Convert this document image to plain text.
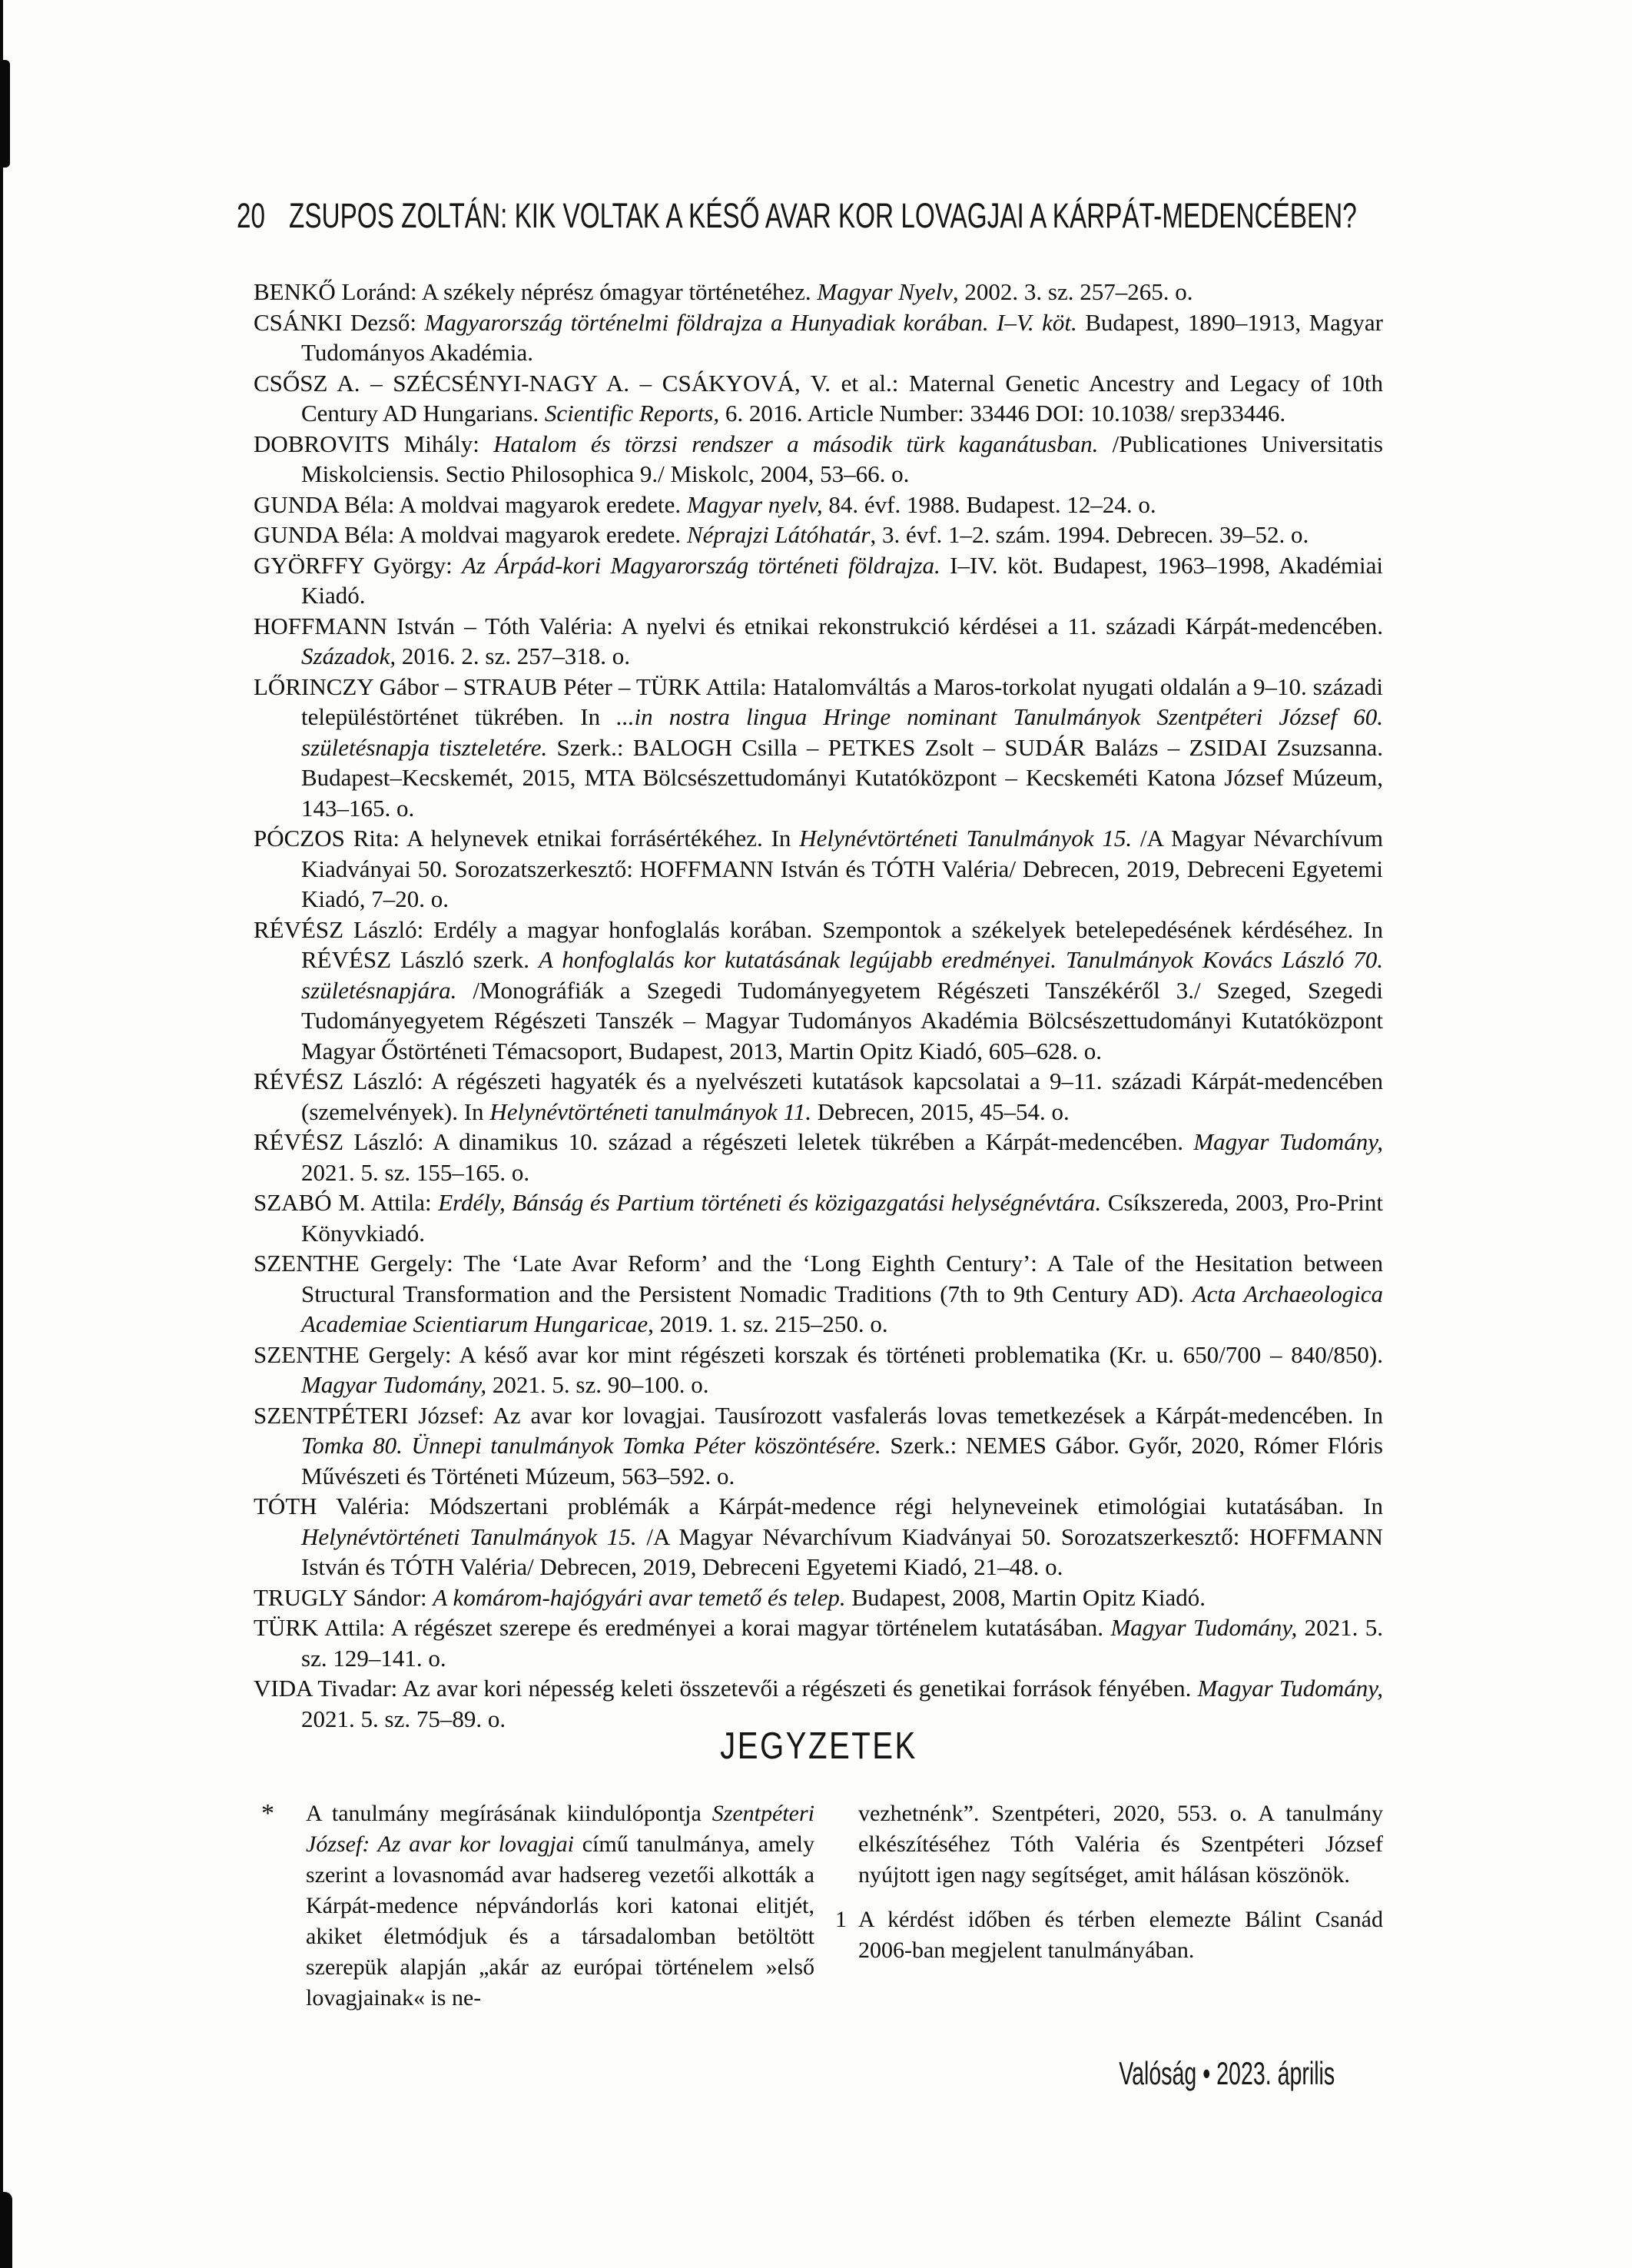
20 ZSUPOS ZOLTÁN: KIK VOLTAK A KÉSŐ AVAR KOR LOVAGJAI A KÁRPÁT-MEDENCÉBEN?

BENKŐ Loránd: A székely néprész ómagyar történetéhez. Magyar Nyelv, 2002. 3. sz. 257–265. o.

CSÁNKI Dezső: Magyarország történelmi földrajza a Hunyadiak korában. I–V. köt. Budapest, 1890–1913, Magyar Tudományos Akadémia.

CSŐSZ A. – SZÉCSÉNYI-NAGY A. – CSÁKYOVÁ, V. et al.: Maternal Genetic Ancestry and Legacy of 10th Century AD Hungarians. Scientific Reports, 6. 2016. Article Number: 33446 DOI: 10.1038/ srep33446.

DOBROVITS Mihály: Hatalom és törzsi rendszer a második türk kaganátusban. /Publicationes Universitatis Miskolciensis. Sectio Philosophica 9./ Miskolc, 2004, 53–66. o.

GUNDA Béla: A moldvai magyarok eredete. Magyar nyelv, 84. évf. 1988. Budapest. 12–24. o.

GUNDA Béla: A moldvai magyarok eredete. Néprajzi Látóhatár, 3. évf. 1–2. szám. 1994. Debrecen. 39–52. o.

GYÖRFFY György: Az Árpád-kori Magyarország történeti földrajza. I–IV. köt. Budapest, 1963–1998, Akadémiai Kiadó.

HOFFMANN István – Tóth Valéria: A nyelvi és etnikai rekonstrukció kérdései a 11. századi Kárpát-medencében. Századok, 2016. 2. sz. 257–318. o.

LŐRINCZY Gábor – STRAUB Péter – TÜRK Attila: Hatalomváltás a Maros-torkolat nyugati oldalán a 9–10. századi településtörténet tükrében. In ...in nostra lingua Hringe nominant Tanulmányok Szentpéteri József 60. születésnapja tiszteletére. Szerk.: BALOGH Csilla – PETKES Zsolt – SUDÁR Balázs – ZSIDAI Zsuzsanna. Budapest–Kecskemét, 2015, MTA Bölcsészettudományi Kutatóközpont – Kecskeméti Katona József Múzeum, 143–165. o.

PÓCZOS Rita: A helynevek etnikai forrásértékéhez. In Helynévtörténeti Tanulmányok 15. /A Magyar Névarchívum Kiadványai 50. Sorozatszerkesztő: HOFFMANN István és TÓTH Valéria/ Debrecen, 2019, Debreceni Egyetemi Kiadó, 7–20. o.

RÉVÉSZ László: Erdély a magyar honfoglalás korában. Szempontok a székelyek betelepedésének kérdéséhez. In RÉVÉSZ László szerk. A honfoglalás kor kutatásának legújabb eredményei. Tanulmányok Kovács László 70. születésnapjára. /Monográfiák a Szegedi Tudományegyetem Régészeti Tanszékéről 3./ Szeged, Szegedi Tudományegyetem Régészeti Tanszék – Magyar Tudományos Akadémia Bölcsészettudományi Kutatóközpont Magyar Őstörténeti Témacsoport, Budapest, 2013, Martin Opitz Kiadó, 605–628. o.

RÉVÉSZ László: A régészeti hagyaték és a nyelvészeti kutatások kapcsolatai a 9–11. századi Kárpát-medencében (szemelvények). In Helynévtörténeti tanulmányok 11. Debrecen, 2015, 45–54. o.

RÉVÉSZ László: A dinamikus 10. század a régészeti leletek tükrében a Kárpát-medencében. Magyar Tudomány, 2021. 5. sz. 155–165. o.

SZABÓ M. Attila: Erdély, Bánság és Partium történeti és közigazgatási helységnévtára. Csíkszereda, 2003, Pro-Print Könyvkiadó.

SZENTHE Gergely: The ‘Late Avar Reform’ and the ‘Long Eighth Century’: A Tale of the Hesitation between Structural Transformation and the Persistent Nomadic Traditions (7th to 9th Century AD). Acta Archaeologica Academiae Scientiarum Hungaricae, 2019. 1. sz. 215–250. o.

SZENTHE Gergely: A késő avar kor mint régészeti korszak és történeti problematika (Kr. u. 650/700 – 840/850). Magyar Tudomány, 2021. 5. sz. 90–100. o.

SZENTPÉTERI József: Az avar kor lovagjai. Tausírozott vasfalerás lovas temetkezések a Kárpát-medencében. In Tomka 80. Ünnepi tanulmányok Tomka Péter köszöntésére. Szerk.: NEMES Gábor. Győr, 2020, Rómer Flóris Művészeti és Történeti Múzeum, 563–592. o.

TÓTH Valéria: Módszertani problémák a Kárpát-medence régi helyneveinek etimológiai kutatásában. In Helynévtörténeti Tanulmányok 15. /A Magyar Névarchívum Kiadványai 50. Sorozatszerkesztő: HOFFMANN István és TÓTH Valéria/ Debrecen, 2019, Debreceni Egyetemi Kiadó, 21–48. o.

TRUGLY Sándor: A komárom-hajógyári avar temető és telep. Budapest, 2008, Martin Opitz Kiadó.

TÜRK Attila: A régészet szerepe és eredményei a korai magyar történelem kutatásában. Magyar Tudomány, 2021. 5. sz. 129–141. o.

VIDA Tivadar: Az avar kori népesség keleti összetevői a régészeti és genetikai források fényében. Magyar Tudomány, 2021. 5. sz. 75–89. o.

JEGYZETEK
* A tanulmány megírásának kiindulópontja Szentpéteri József: Az avar kor lovagjai című tanulmánya, amely szerint a lovasnomád avar hadsereg vezetői alkották a Kárpát-medence népvándorlás kori katonai elitjét, akiket életmódjuk és a társadalomban betöltött szerepük alapján „akár az európai történelem »első lovagjainak« is ne-
vezhetnénk”. Szentpéteri, 2020, 553. o. A tanulmány elkészítéséhez Tóth Valéria és Szentpéteri József nyújtott igen nagy segítséget, amit hálásan köszönök.
1 A kérdést időben és térben elemezte Bálint Csanád 2006-ban megjelent tanulmányában.
Valóság • 2023. április
